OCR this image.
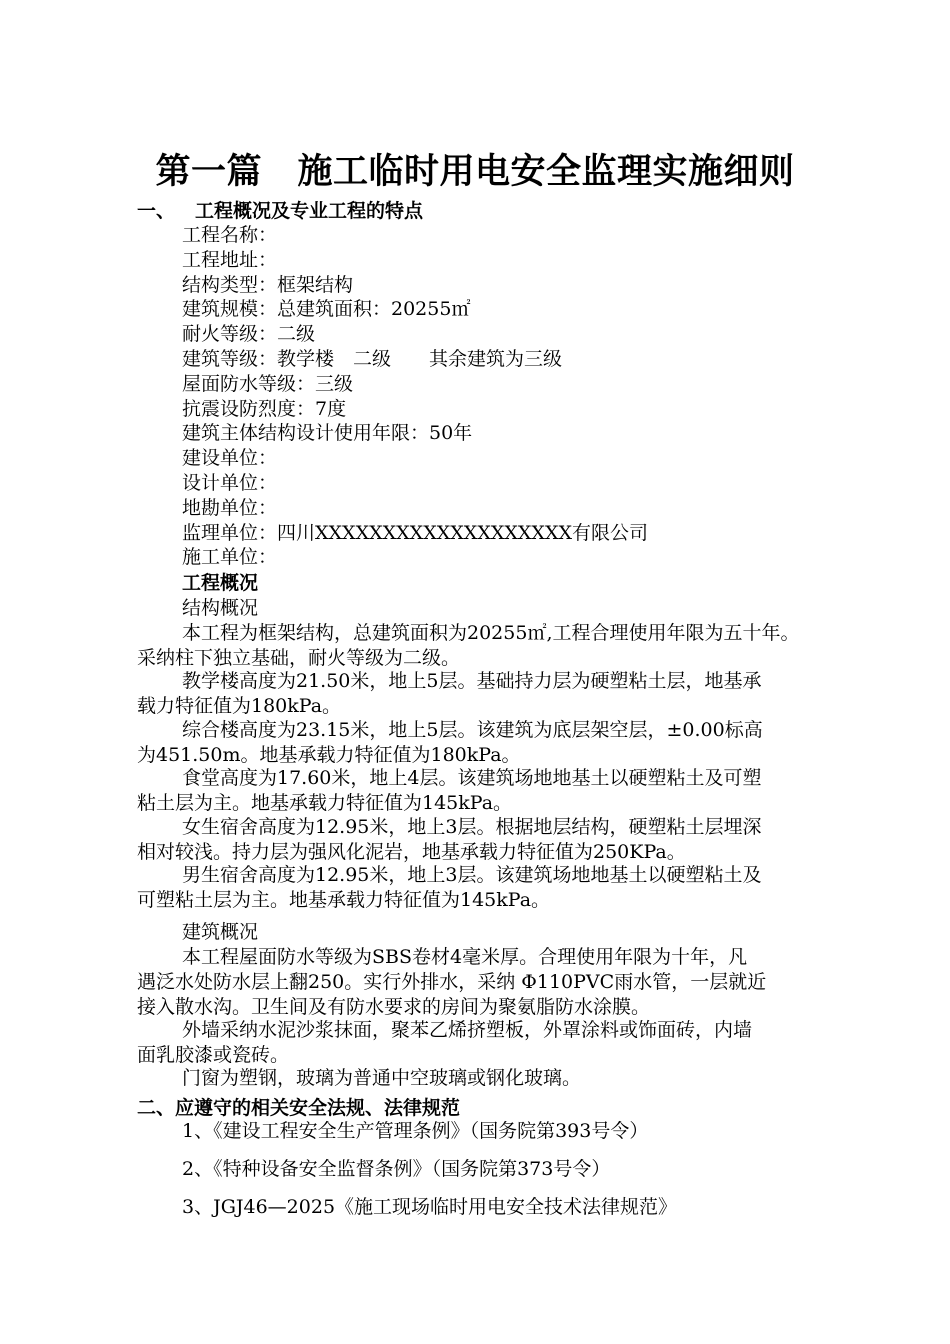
第一篇　施工临时用电安全监理实施细则
一、 工程概况及专业工程的特点
工程名称：
工程地址：
结构类型：框架结构
建筑规模：总建筑面积：20255㎡
耐火等级：二级
建筑等级：教学楼　二级　　其余建筑为三级
屋面防水等级：三级
抗震设防烈度：7度
建筑主体结构设计使用年限：50年
建设单位：
设计单位：
地勘单位：
监理单位：四川XXXXXXXXXXXXXXXXXXX有限公司
施工单位：
工程概况
结构概况
本工程为框架结构，总建筑面积为20255㎡,工程合理使用年限为五十年。
采纳柱下独立基础，耐火等级为二级。
教学楼高度为21.50米，地上5层。基础持力层为硬塑粘土层，地基承
载力特征值为180kPa。
综合楼高度为23.15米，地上5层。该建筑为底层架空层，±0.00标高
为451.50m。地基承载力特征值为180kPa。
食堂高度为17.60米，地上4层。该建筑场地地基土以硬塑粘土及可塑
粘土层为主。地基承载力特征值为145kPa。
女生宿舍高度为12.95米，地上3层。根据地层结构，硬塑粘土层埋深
相对较浅。持力层为强风化泥岩，地基承载力特征值为250KPa。
男生宿舍高度为12.95米，地上3层。该建筑场地地基土以硬塑粘土及
可塑粘土层为主。地基承载力特征值为145kPa。
建筑概况
本工程屋面防水等级为SBS卷材4毫米厚。合理使用年限为十年，凡
遇泛水处防水层上翻250。实行外排水，采纳 Φ110PVC雨水管，一层就近
接入散水沟。卫生间及有防水要求的房间为聚氨脂防水涂膜。
外墙采纳水泥沙浆抹面，聚苯乙烯挤塑板，外罩涂料或饰面砖，内墙
面乳胶漆或瓷砖。
门窗为塑钢，玻璃为普通中空玻璃或钢化玻璃。
二、应遵守的相关安全法规、法律规范
1、《建设工程安全生产管理条例》（国务院第393号令）
2、《特种设备安全监督条例》（国务院第373号令）
3、JGJ46—2025《施工现场临时用电安全技术法律规范》
